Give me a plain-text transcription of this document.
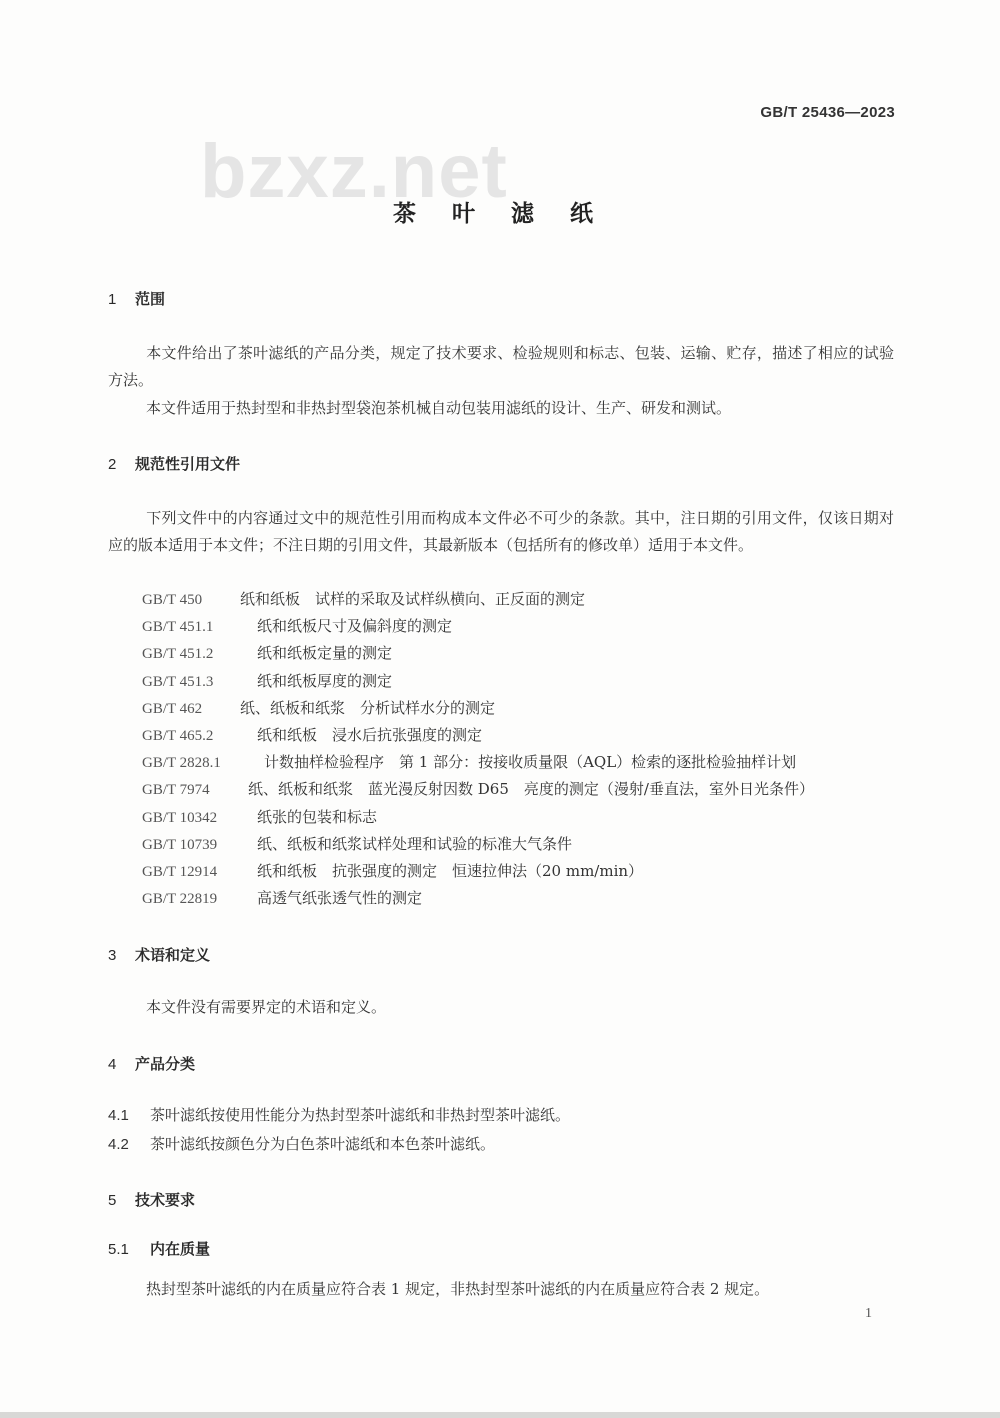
GB/T 25436—2023
bzxz.net
茶 叶 滤 纸
1 范围
本文件给出了茶叶滤纸的产品分类，规定了技术要求、检验规则和标志、包装、运输、贮存，描述了相应的试验方法。
本文件适用于热封型和非热封型袋泡茶机械自动包装用滤纸的设计、生产、研发和测试。
2 规范性引用文件
下列文件中的内容通过文中的规范性引用而构成本文件必不可少的条款。其中，注日期的引用文件，仅该日期对应的版本适用于本文件；不注日期的引用文件，其最新版本（包括所有的修改单）适用于本文件。
GB/T 450	纸和纸板　试样的采取及试样纵横向、正反面的测定
GB/T 451.1	纸和纸板尺寸及偏斜度的测定
GB/T 451.2	纸和纸板定量的测定
GB/T 451.3	纸和纸板厚度的测定
GB/T 462	纸、纸板和纸浆　分析试样水分的测定
GB/T 465.2	纸和纸板　浸水后抗张强度的测定
GB/T 2828.1	计数抽样检验程序　第 1 部分：按接收质量限（AQL）检索的逐批检验抽样计划
GB/T 7974	纸、纸板和纸浆　蓝光漫反射因数 D65　亮度的测定（漫射/垂直法，室外日光条件）
GB/T 10342	纸张的包装和标志
GB/T 10739	纸、纸板和纸浆试样处理和试验的标准大气条件
GB/T 12914	纸和纸板　抗张强度的测定　恒速拉伸法（20 mm/min）
GB/T 22819	高透气纸张透气性的测定
3 术语和定义
本文件没有需要界定的术语和定义。
4 产品分类
4.1 茶叶滤纸按使用性能分为热封型茶叶滤纸和非热封型茶叶滤纸。
4.2 茶叶滤纸按颜色分为白色茶叶滤纸和本色茶叶滤纸。
5 技术要求
5.1 内在质量
热封型茶叶滤纸的内在质量应符合表 1 规定，非热封型茶叶滤纸的内在质量应符合表 2 规定。
1
